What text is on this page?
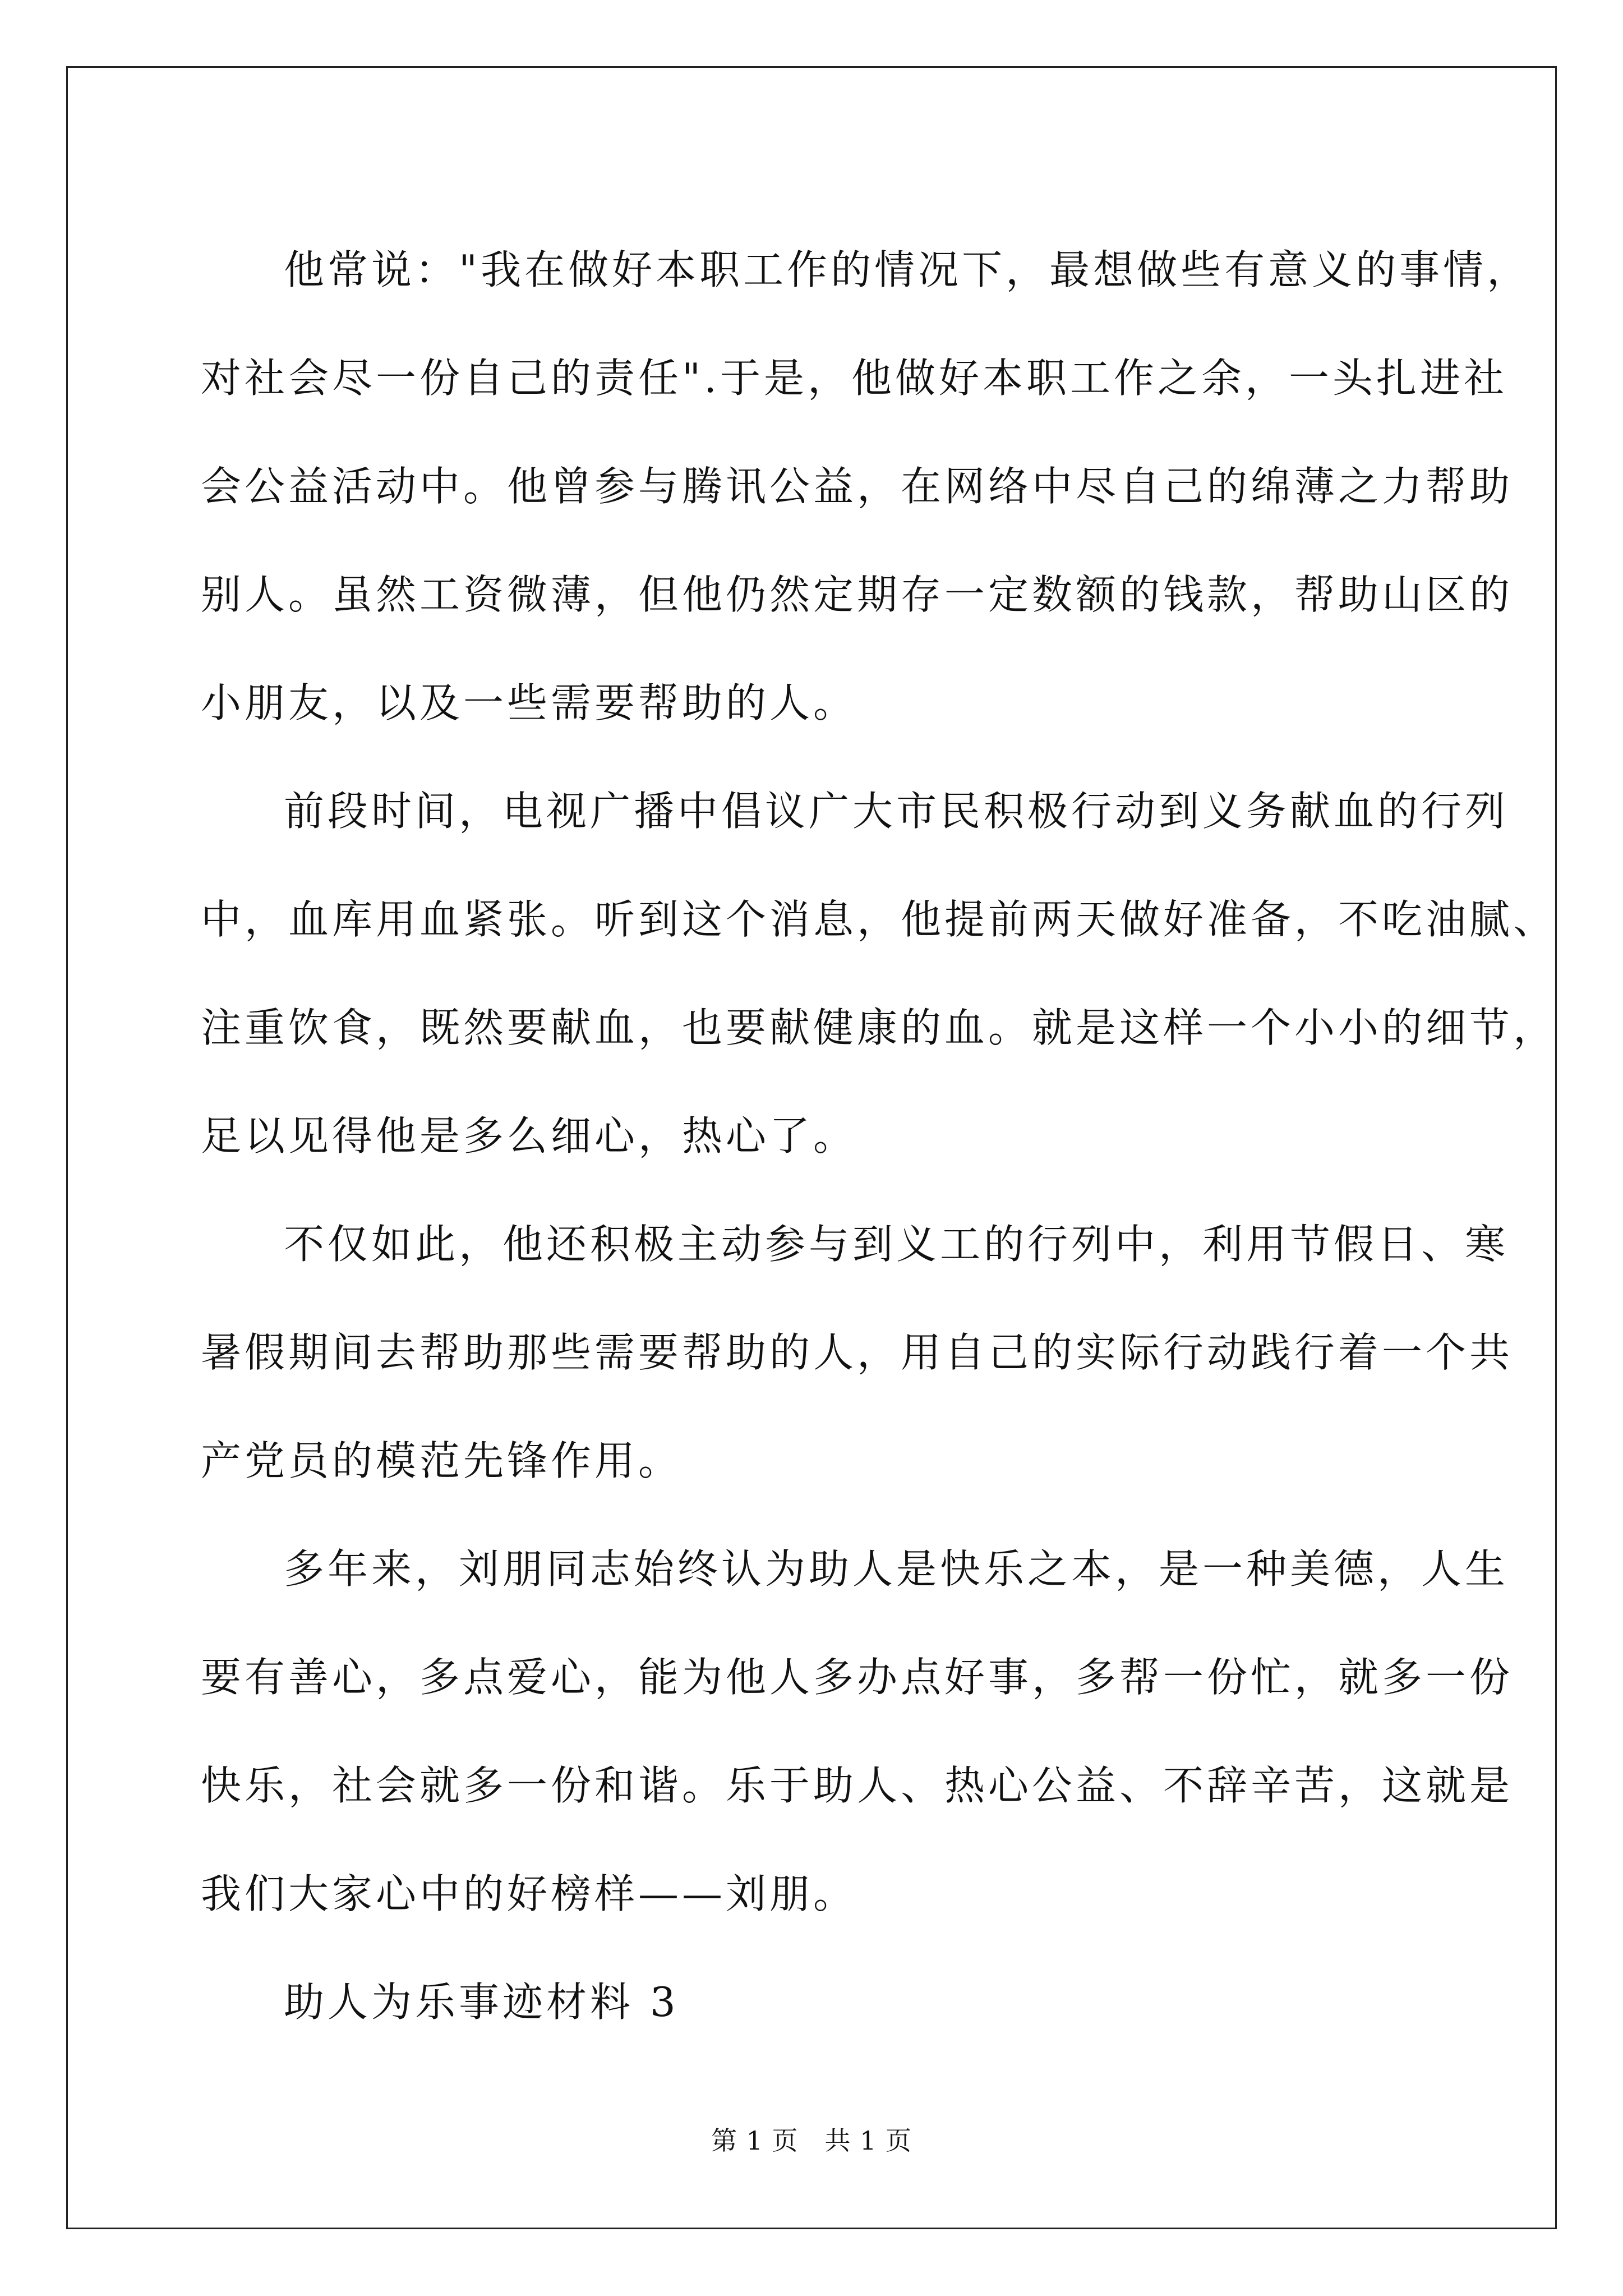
他常说："我在做好本职工作的情况下，最想做些有意义的事情，
对社会尽一份自己的责任".于是，他做好本职工作之余，一头扎进社
会公益活动中。他曾参与腾讯公益，在网络中尽自己的绵薄之力帮助
别人。虽然工资微薄，但他仍然定期存一定数额的钱款，帮助山区的
小朋友，以及一些需要帮助的人。
前段时间，电视广播中倡议广大市民积极行动到义务献血的行列
中，血库用血紧张。听到这个消息，他提前两天做好准备，不吃油腻、
注重饮食，既然要献血，也要献健康的血。就是这样一个小小的细节，
足以见得他是多么细心，热心了。
不仅如此，他还积极主动参与到义工的行列中，利用节假日、寒
暑假期间去帮助那些需要帮助的人，用自己的实际行动践行着一个共
产党员的模范先锋作用。
多年来，刘朋同志始终认为助人是快乐之本，是一种美德，人生
要有善心，多点爱心，能为他人多办点好事，多帮一份忙，就多一份
快乐，社会就多一份和谐。乐于助人、热心公益、不辞辛苦，这就是
我们大家心中的好榜样——刘朋。

助人为乐事迹材料 3

第 1 页　共 1 页
